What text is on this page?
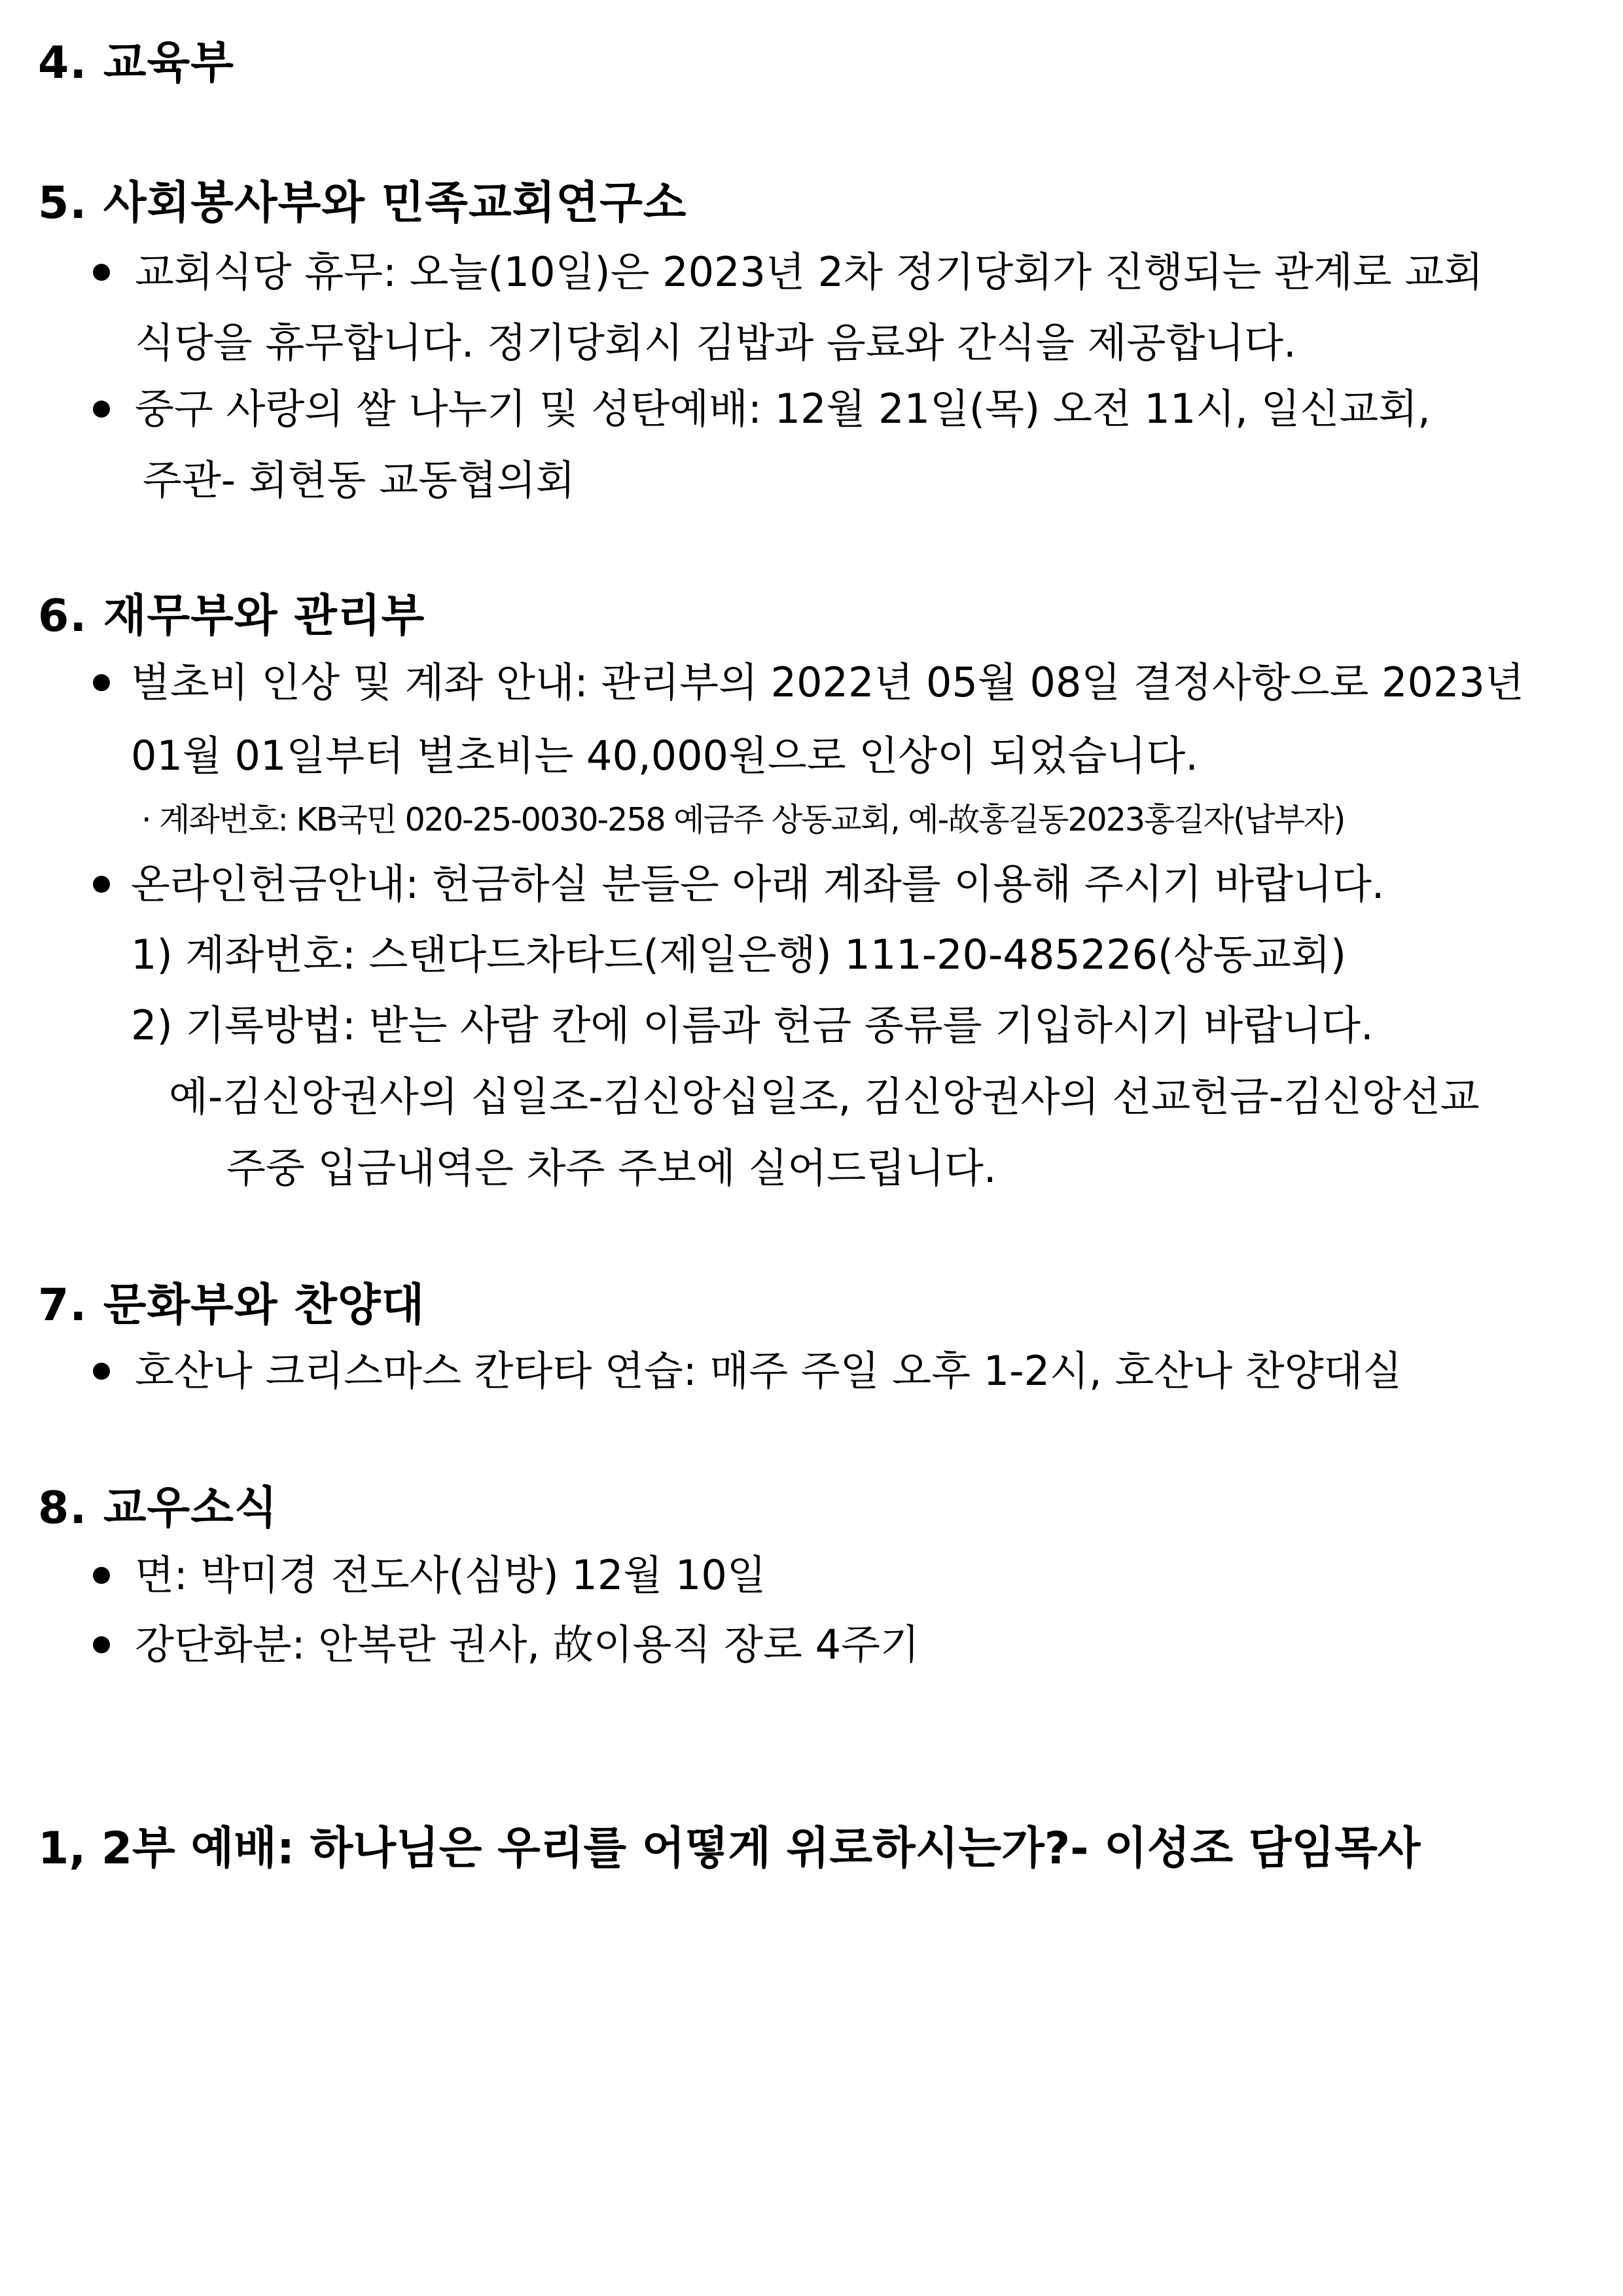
4. 교육부
5. 사회봉사부와 민족교회연구소
교회식당 휴무: 오늘(10일)은 2023년 2차 정기당회가 진행되는 관계로 교회
식당을 휴무합니다. 정기당회시 김밥과 음료와 간식을 제공합니다.
중구 사랑의 쌀 나누기 및 성탄예배: 12월 21일(목) 오전 11시, 일신교회,
주관- 회현동 교동협의회
6. 재무부와 관리부
벌초비 인상 및 계좌 안내: 관리부의 2022년 05월 08일 결정사항으로 2023년
01월 01일부터 벌초비는 40,000원으로 인상이 되었습니다.
· 계좌번호: KB국민 020-25-0030-258 예금주 상동교회, 예-故홍길동2023홍길자(납부자)
온라인헌금안내: 헌금하실 분들은 아래 계좌를 이용해 주시기 바랍니다.
1) 계좌번호: 스탠다드차타드(제일은행) 111-20-485226(상동교회)
2) 기록방법: 받는 사람 칸에 이름과 헌금 종류를 기입하시기 바랍니다.
예-김신앙권사의 십일조-김신앙십일조, 김신앙권사의 선교헌금-김신앙선교
주중 입금내역은 차주 주보에 실어드립니다.
7. 문화부와 찬양대
호산나 크리스마스 칸타타 연습: 매주 주일 오후 1-2시, 호산나 찬양대실
8. 교우소식
면: 박미경 전도사(심방) 12월 10일
강단화분: 안복란 권사, 故이용직 장로 4주기
1, 2부 예배: 하나님은 우리를 어떻게 위로하시는가?- 이성조 담임목사
